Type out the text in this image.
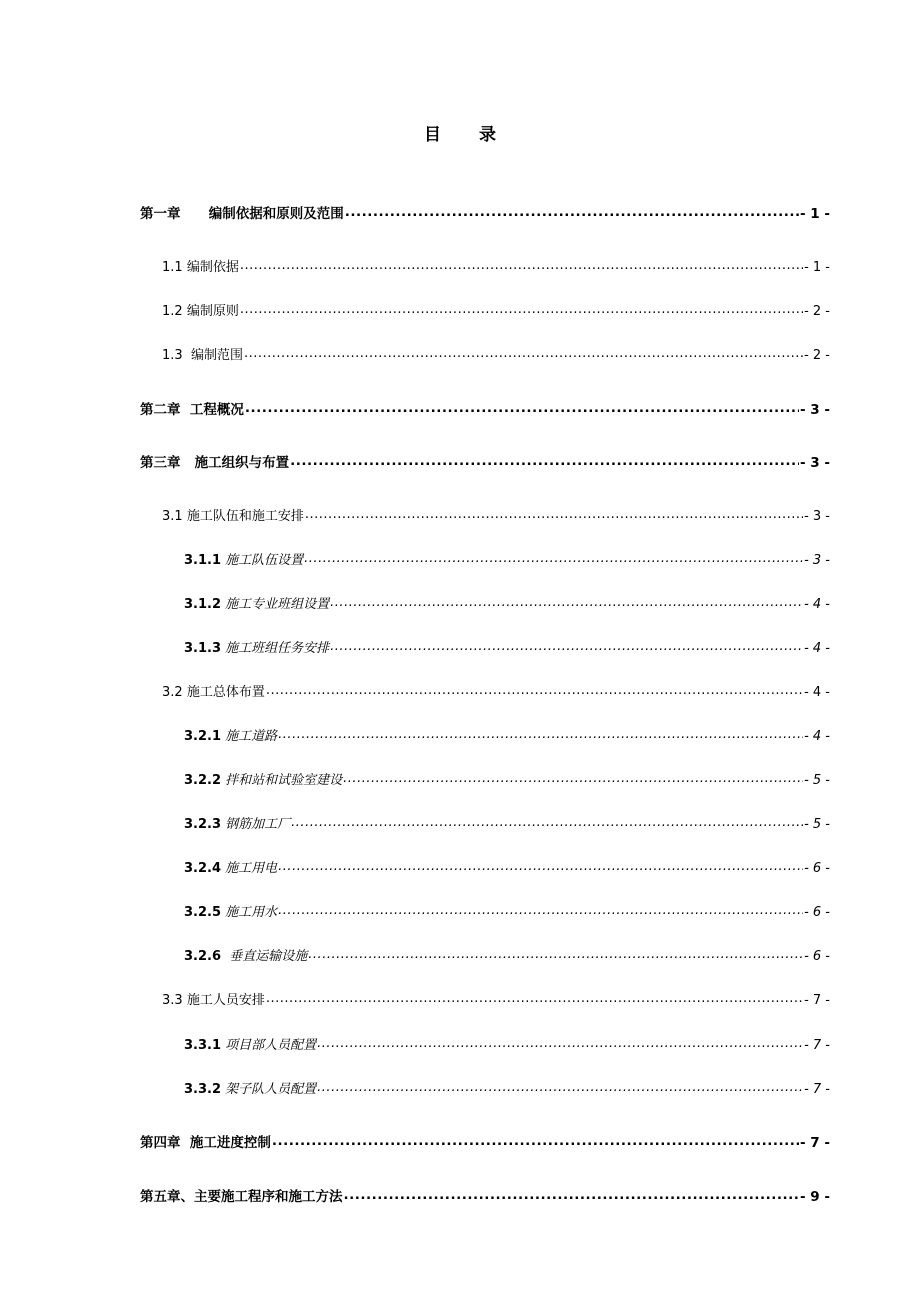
目 录
第一章 编制依据和原则及范围 .....	- 1 -
1.1 编制依据 .....	- 1 -
1.2 编制原则 .....	- 2 -
1.3 编制范围 .....	- 2 -
第二章 工程概况 .....	- 3 -
第三章 施工组织与布置 .....	- 3 -
3.1 施工队伍和施工安排 .....	- 3 -
3.1.1 施工队伍设置 .....	- 3 -
3.1.2 施工专业班组设置 .....	- 4 -
3.1.3 施工班组任务安排 .....	- 4 -
3.2 施工总体布置 .....	- 4 -
3.2.1 施工道路 .....	- 4 -
3.2.2 拌和站和试验室建设 .....	- 5 -
3.2.3 钢筋加工厂 .....	- 5 -
3.2.4 施工用电 .....	- 6 -
3.2.5 施工用水 .....	- 6 -
3.2.6 垂直运输设施 .....	- 6 -
3.3 施工人员安排 .....	- 7 -
3.3.1 项目部人员配置 .....	- 7 -
3.3.2 架子队人员配置 .....	- 7 -
第四章 施工进度控制 .....	- 7 -
第五章、主要施工程序和施工方法 .....	- 9 -
